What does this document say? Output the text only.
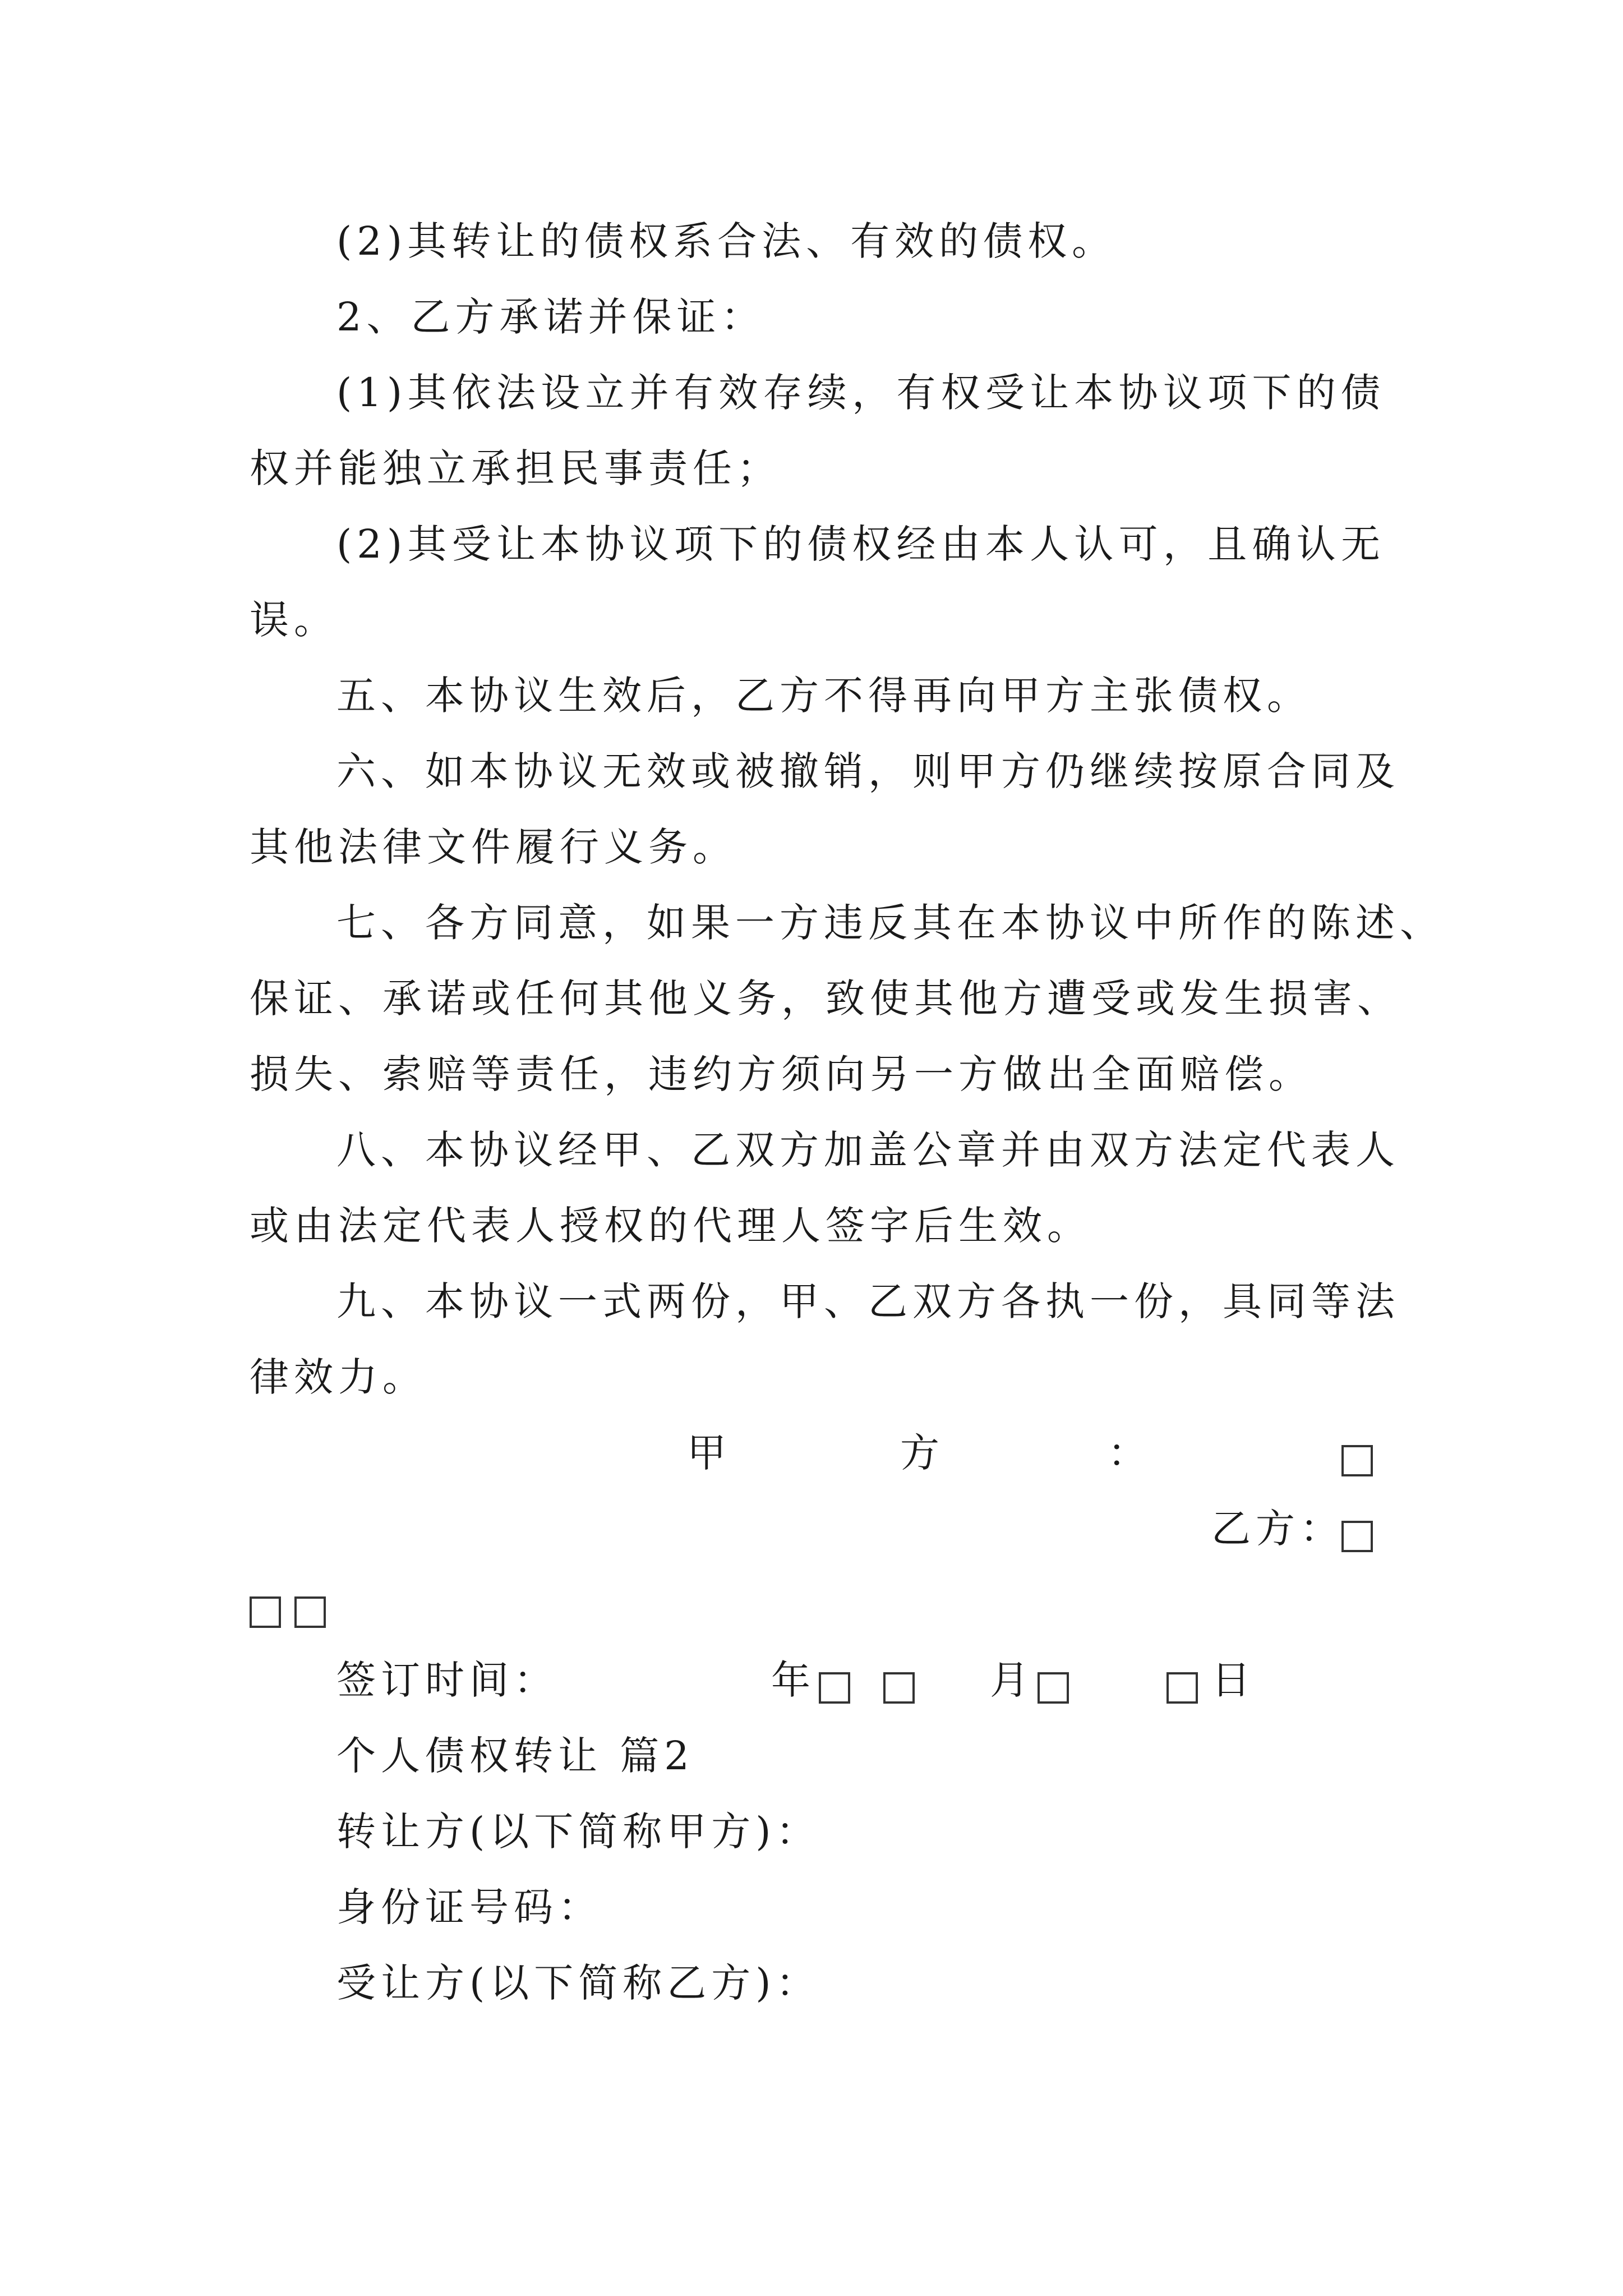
(2)其转让的债权系合法、有效的债权。
2、乙方承诺并保证：
(1)其依法设立并有效存续，有权受让本协议项下的债
权并能独立承担民事责任；
(2)其受让本协议项下的债权经由本人认可，且确认无
误。
五、本协议生效后，乙方不得再向甲方主张债权。
六、如本协议无效或被撤销，则甲方仍继续按原合同及
其他法律文件履行义务。
七、各方同意，如果一方违反其在本协议中所作的陈述、
保证、承诺或任何其他义务，致使其他方遭受或发生损害、
损失、索赔等责任，违约方须向另一方做出全面赔偿。
八、本协议经甲、乙双方加盖公章并由双方法定代表人
或由法定代表人授权的代理人签字后生效。
九、本协议一式两份，甲、乙双方各执一份，具同等法
律效力。
甲	方	：
乙方：
签订时间：	年	月	日
个人债权转让 篇2
转让方(以下简称甲方)：
身份证号码：
受让方(以下简称乙方)：
